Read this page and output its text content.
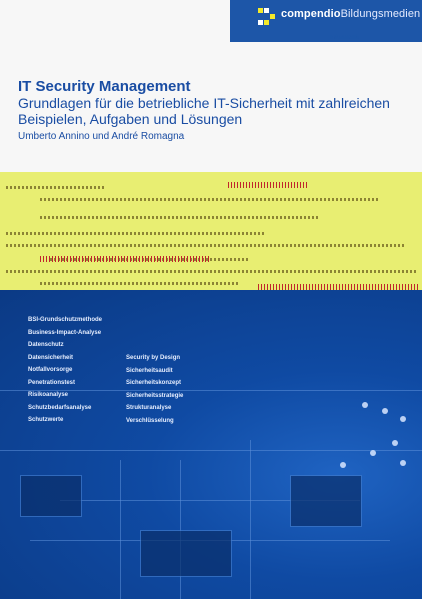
compendioBildungsmedien
Informatik
IT Security Management
Grundlagen für die betriebliche IT-Sicherheit mit zahlreichen Beispielen, Aufgaben und Lösungen
Umberto Annino und André Romagna
BSI-Grundschutzmethode
Business-Impact-Analyse
Datenschutz
Datensicherheit
Notfallvorsorge
Penetrationstest
Risikoanalyse
Schutzbedarfsanalyse
Schutzwerte
Security by Design
Sicherheitsaudit
Sicherheitskonzept
Sicherheitsstrategie
Strukturanalyse
Verschlüsselung
